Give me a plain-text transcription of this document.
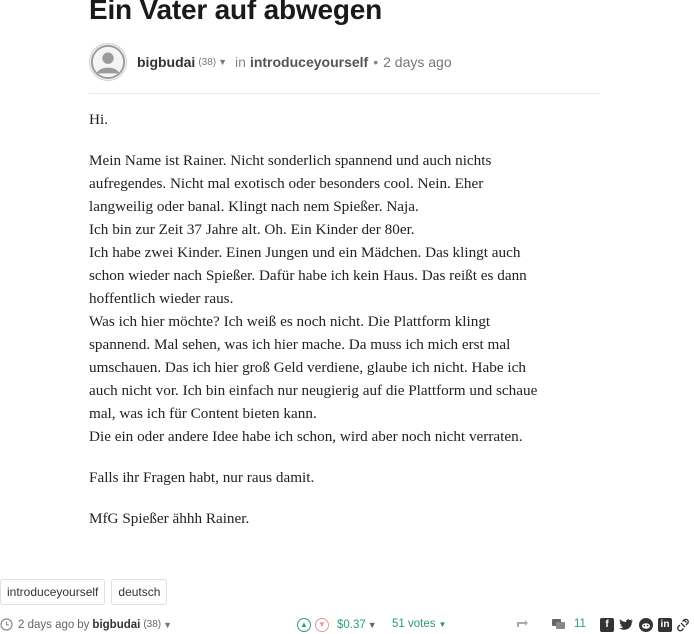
Ein Vater auf abwegen
bigbudai (38) ▼ in introduceyourself • 2 days ago

Hi.

Mein Name ist Rainer. Nicht sonderlich spannend und auch nichts
aufregendes. Nicht mal exotisch oder besonders cool. Nein. Eher
langweilig oder banal. Klingt nach nem Spießer. Naja.
Ich bin zur Zeit 37 Jahre alt. Oh. Ein Kinder der 80er.
Ich habe zwei Kinder. Einen Jungen und ein Mädchen. Das klingt auch
schon wieder nach Spießer. Dafür habe ich kein Haus. Das reißt es dann
hoffentlich wieder raus.
Was ich hier möchte? Ich weiß es noch nicht. Die Plattform klingt
spannend. Mal sehen, was ich hier mache. Da muss ich mich erst mal
umschauen. Das ich hier groß Geld verdiene, glaube ich nicht. Habe ich
auch nicht vor. Ich bin einfach nur neugierig auf die Plattform und schaue
mal, was ich für Content bieten kann.
Die ein oder andere Idee habe ich schon, wird aber noch nicht verraten.

Falls ihr Fragen habt, nur raus damit.

MfG Spießer ähhh Rainer.

introduceyourself	deutsch
2 days ago by bigbudai (38) ▼	▲	▼ $0.37 ▼ 51 votes ▼	11	f	in
